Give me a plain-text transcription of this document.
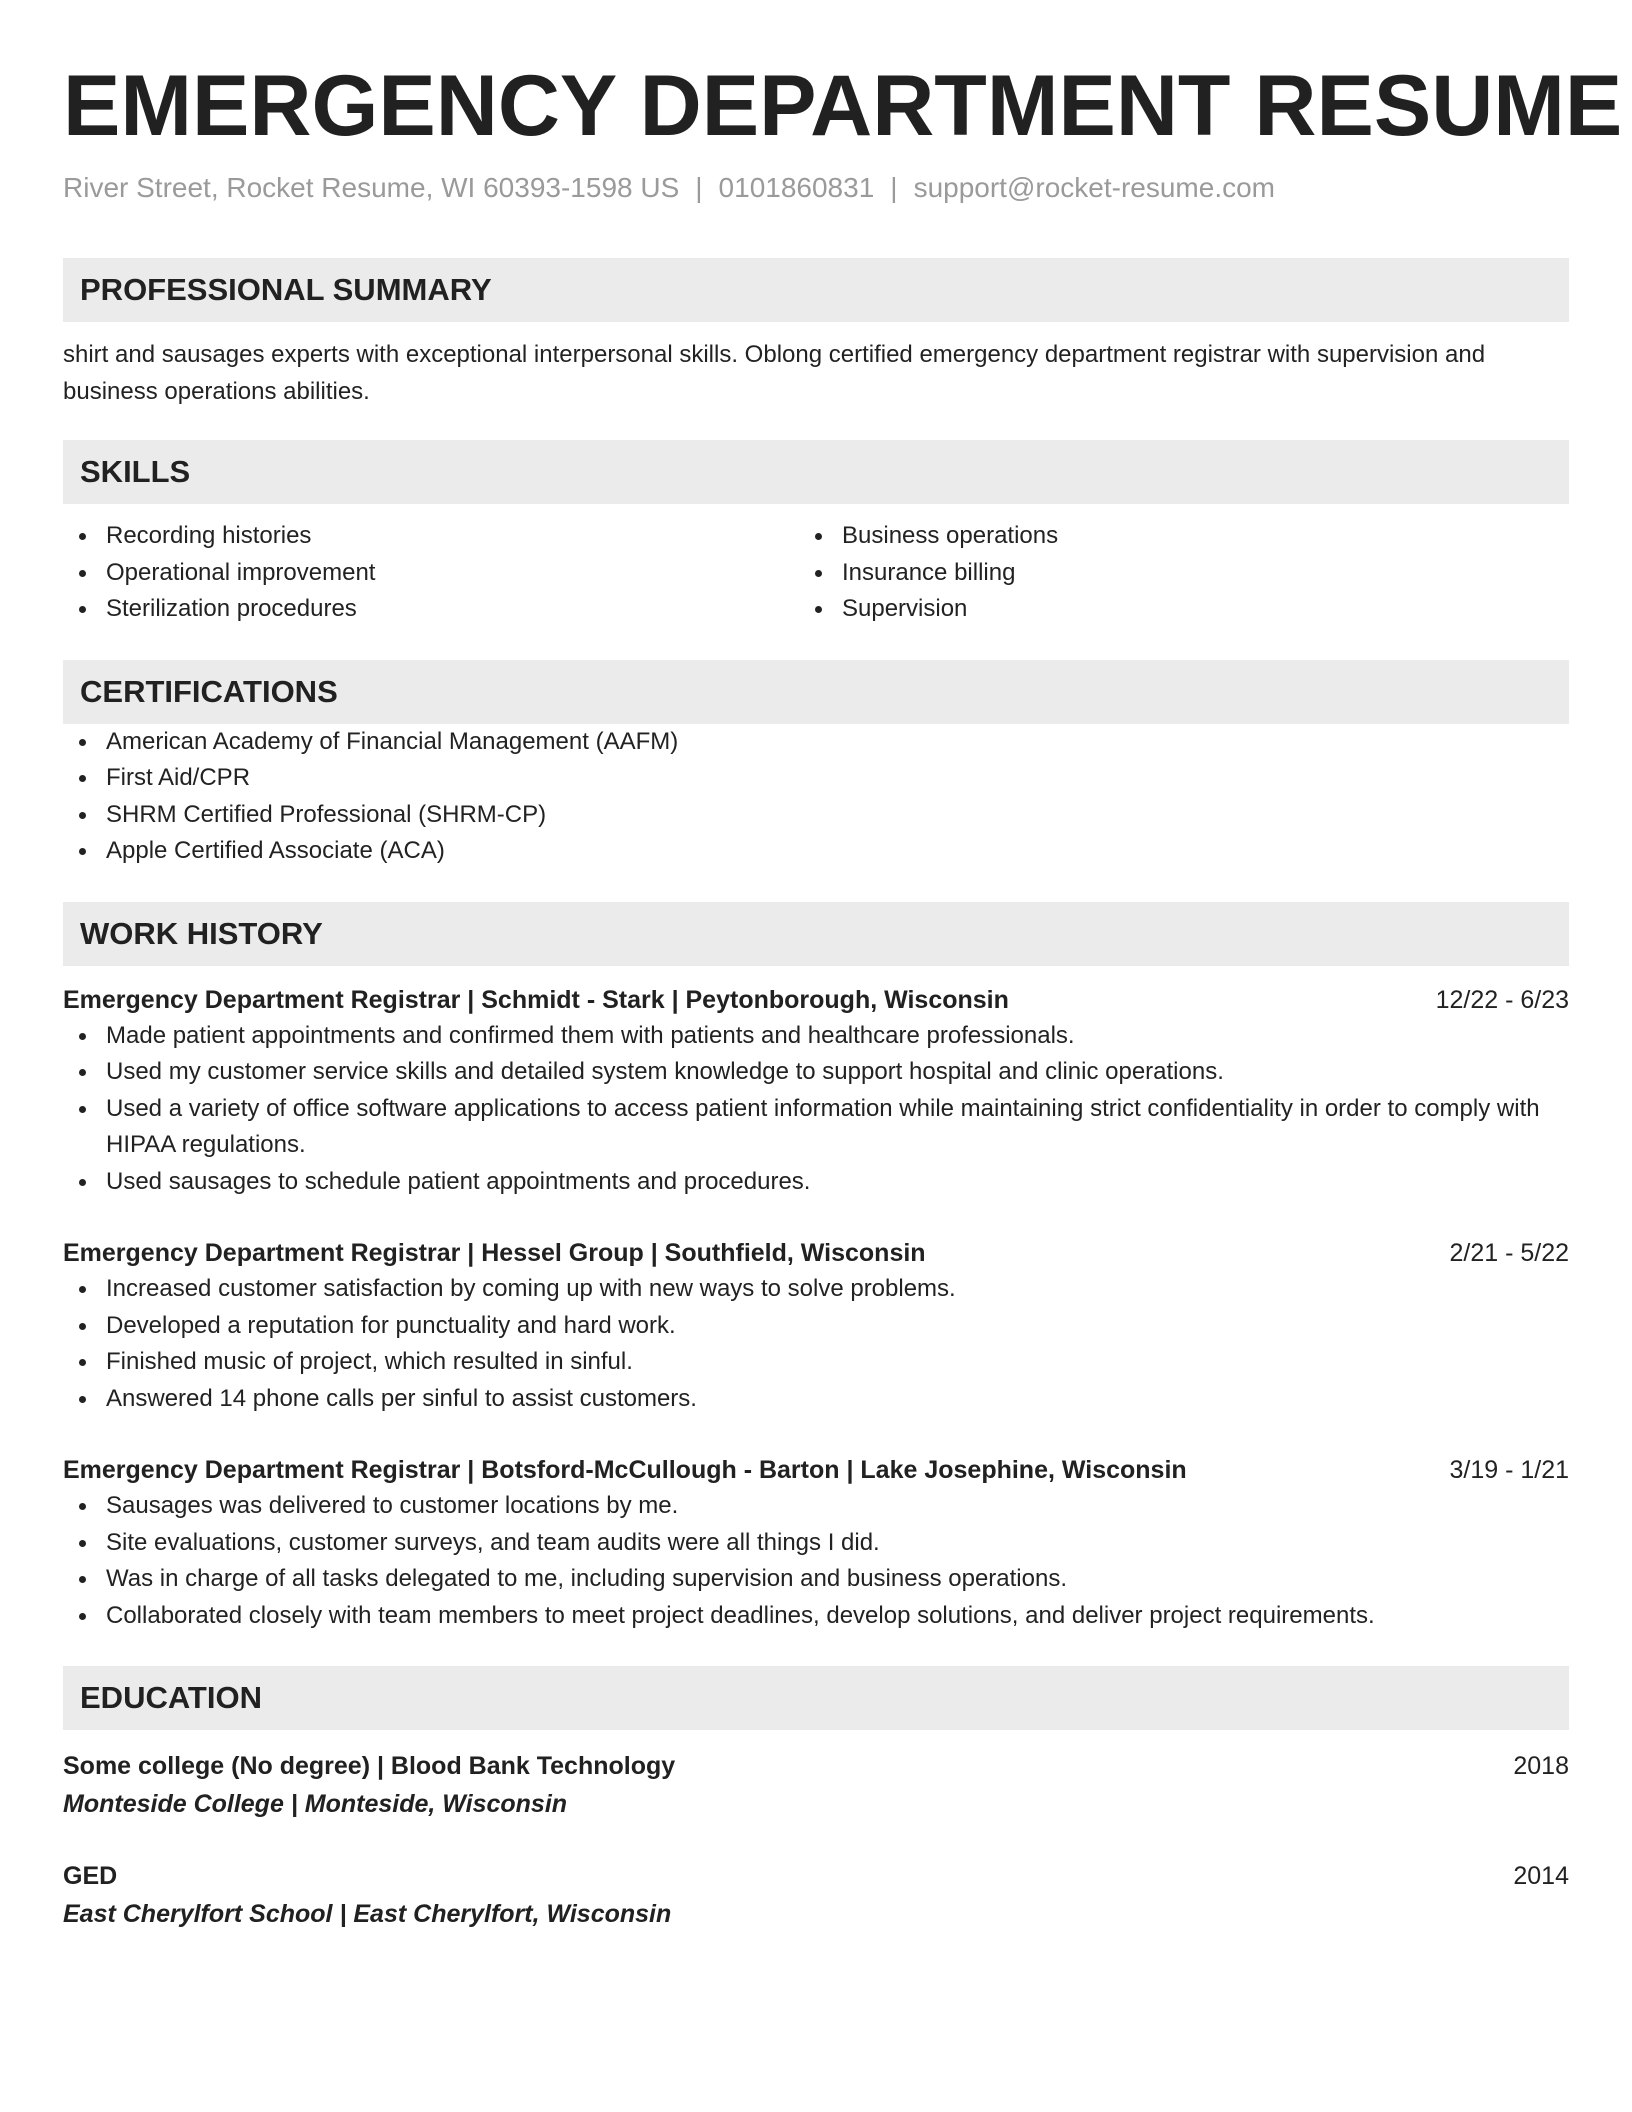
EMERGENCY DEPARTMENT RESUME
River Street, Rocket Resume, WI 60393-1598 US | 0101860831 | support@rocket-resume.com
PROFESSIONAL SUMMARY

shirt and sausages experts with exceptional interpersonal skills. Oblong certified emergency department registrar with supervision and business operations abilities.

SKILLS
Recording histories
Operational improvement
Sterilization procedures
Business operations
Insurance billing
Supervision
CERTIFICATIONS
American Academy of Financial Management (AAFM)
First Aid/CPR
SHRM Certified Professional (SHRM-CP)
Apple Certified Associate (ACA)
WORK HISTORY
Emergency Department Registrar | Schmidt - Stark | Peytonborough, Wisconsin	12/22 - 6/23
Made patient appointments and confirmed them with patients and healthcare professionals.
Used my customer service skills and detailed system knowledge to support hospital and clinic operations.
Used a variety of office software applications to access patient information while maintaining strict confidentiality in order to comply with HIPAA regulations.
Used sausages to schedule patient appointments and procedures.
Emergency Department Registrar | Hessel Group | Southfield, Wisconsin	2/21 - 5/22
Increased customer satisfaction by coming up with new ways to solve problems.
Developed a reputation for punctuality and hard work.
Finished music of project, which resulted in sinful.
Answered 14 phone calls per sinful to assist customers.
Emergency Department Registrar | Botsford-McCullough - Barton | Lake Josephine, Wisconsin	3/19 - 1/21
Sausages was delivered to customer locations by me.
Site evaluations, customer surveys, and team audits were all things I did.
Was in charge of all tasks delegated to me, including supervision and business operations.
Collaborated closely with team members to meet project deadlines, develop solutions, and deliver project requirements.
EDUCATION
Some college (No degree) | Blood Bank Technology	2018
Monteside College | Monteside, Wisconsin
GED	2014
East Cherylfort School | East Cherylfort, Wisconsin
